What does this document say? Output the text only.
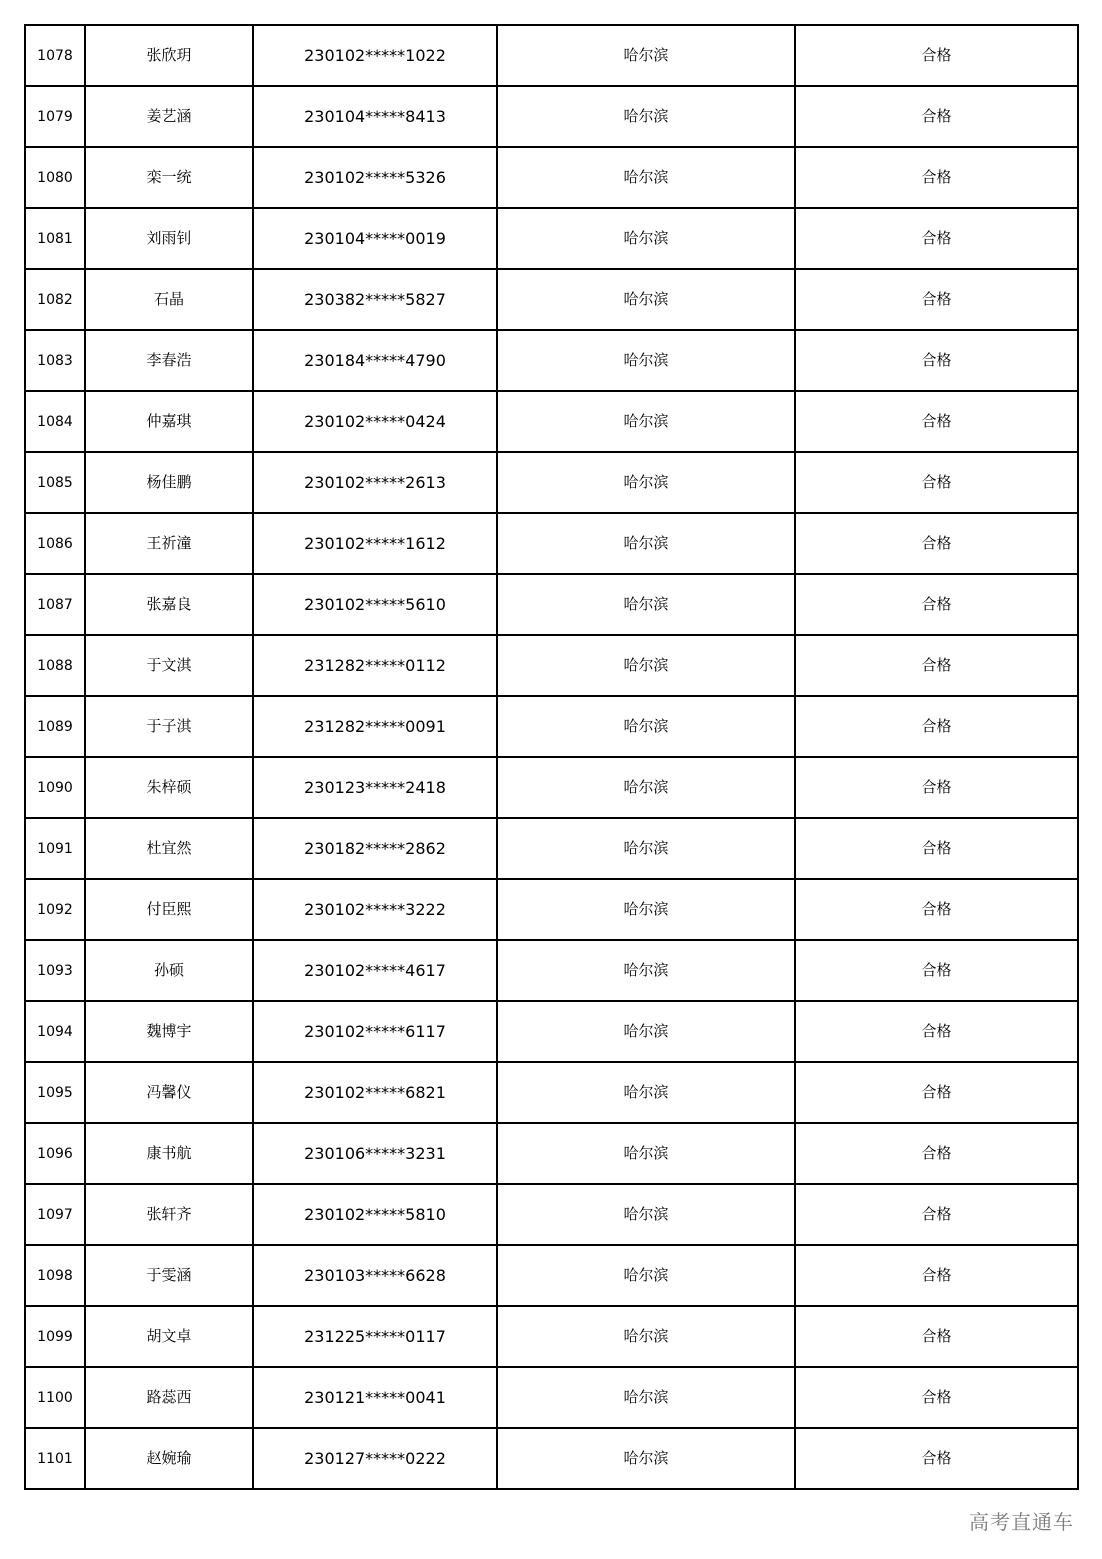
1078	张欣玥	230102*****1022	哈尔滨	合格
1079	姜艺涵	230104*****8413	哈尔滨	合格
1080	栾一统	230102*****5326	哈尔滨	合格
1081	刘雨钊	230104*****0019	哈尔滨	合格
1082	石晶	230382*****5827	哈尔滨	合格
1083	李春浩	230184*****4790	哈尔滨	合格
1084	仲嘉琪	230102*****0424	哈尔滨	合格
1085	杨佳鹏	230102*****2613	哈尔滨	合格
1086	王祈潼	230102*****1612	哈尔滨	合格
1087	张嘉良	230102*****5610	哈尔滨	合格
1088	于文淇	231282*****0112	哈尔滨	合格
1089	于子淇	231282*****0091	哈尔滨	合格
1090	朱梓硕	230123*****2418	哈尔滨	合格
1091	杜宜然	230182*****2862	哈尔滨	合格
1092	付臣熙	230102*****3222	哈尔滨	合格
1093	孙硕	230102*****4617	哈尔滨	合格
1094	魏博宇	230102*****6117	哈尔滨	合格
1095	冯馨仪	230102*****6821	哈尔滨	合格
1096	康书航	230106*****3231	哈尔滨	合格
1097	张轩齐	230102*****5810	哈尔滨	合格
1098	于雯涵	230103*****6628	哈尔滨	合格
1099	胡文卓	231225*****0117	哈尔滨	合格
1100	路蕊西	230121*****0041	哈尔滨	合格
1101	赵婉瑜	230127*****0222	哈尔滨	合格
高考直通车
